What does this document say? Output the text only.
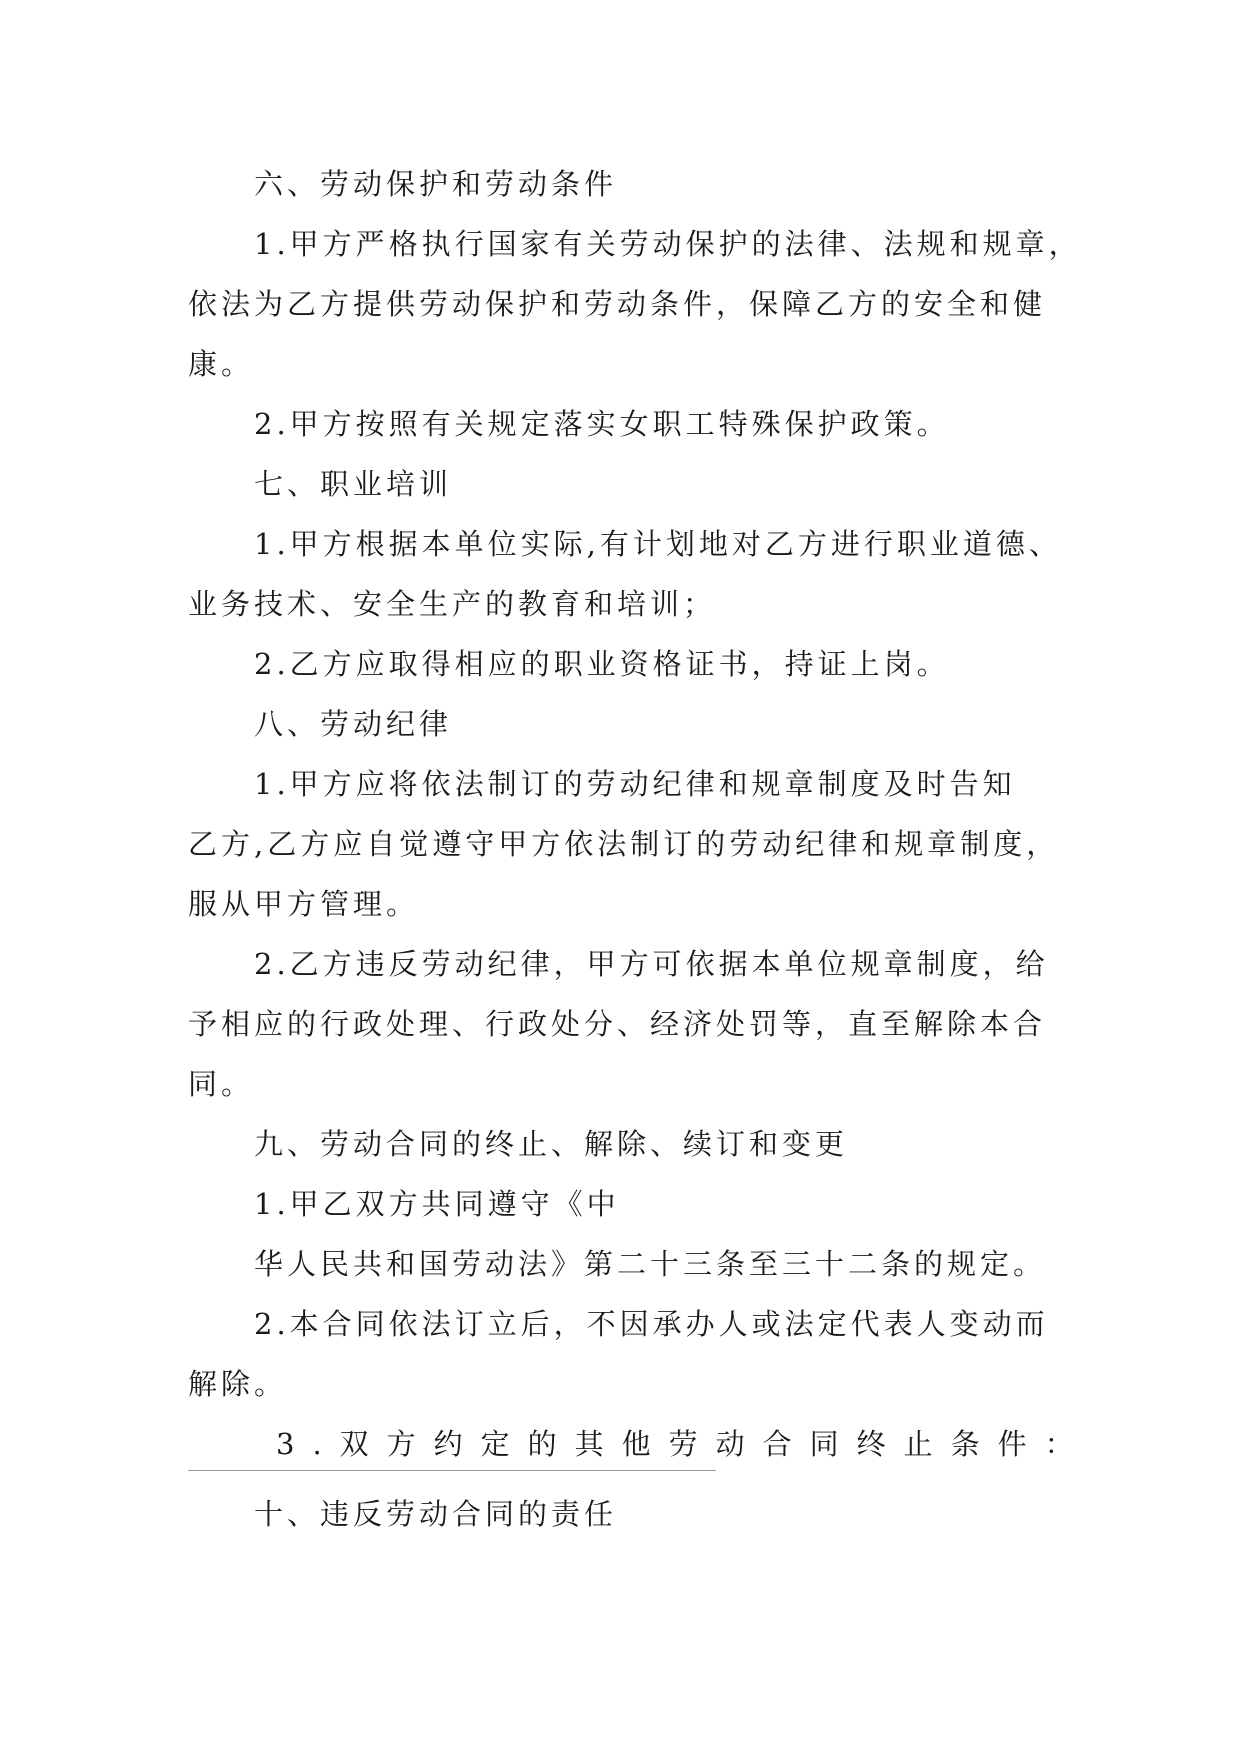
六、劳动保护和劳动条件
1.甲方严格执行国家有关劳动保护的法律、法规和规章，
依法为乙方提供劳动保护和劳动条件，保障乙方的安全和健
康。
2.甲方按照有关规定落实女职工特殊保护政策。
七、职业培训
1.甲方根据本单位实际,有计划地对乙方进行职业道德、
业务技术、安全生产的教育和培训；
2.乙方应取得相应的职业资格证书，持证上岗。
八、劳动纪律
1.甲方应将依法制订的劳动纪律和规章制度及时告知
乙方,乙方应自觉遵守甲方依法制订的劳动纪律和规章制度，
服从甲方管理。
2.乙方违反劳动纪律，甲方可依据本单位规章制度，给
予相应的行政处理、行政处分、经济处罚等，直至解除本合
同。
九、劳动合同的终止、解除、续订和变更
1.甲乙双方共同遵守《中
华人民共和国劳动法》第二十三条至三十二条的规定。
2.本合同依法订立后，不因承办人或法定代表人变动而
解除。
3.双方约定的其他劳动合同终止条件：
十、违反劳动合同的责任
